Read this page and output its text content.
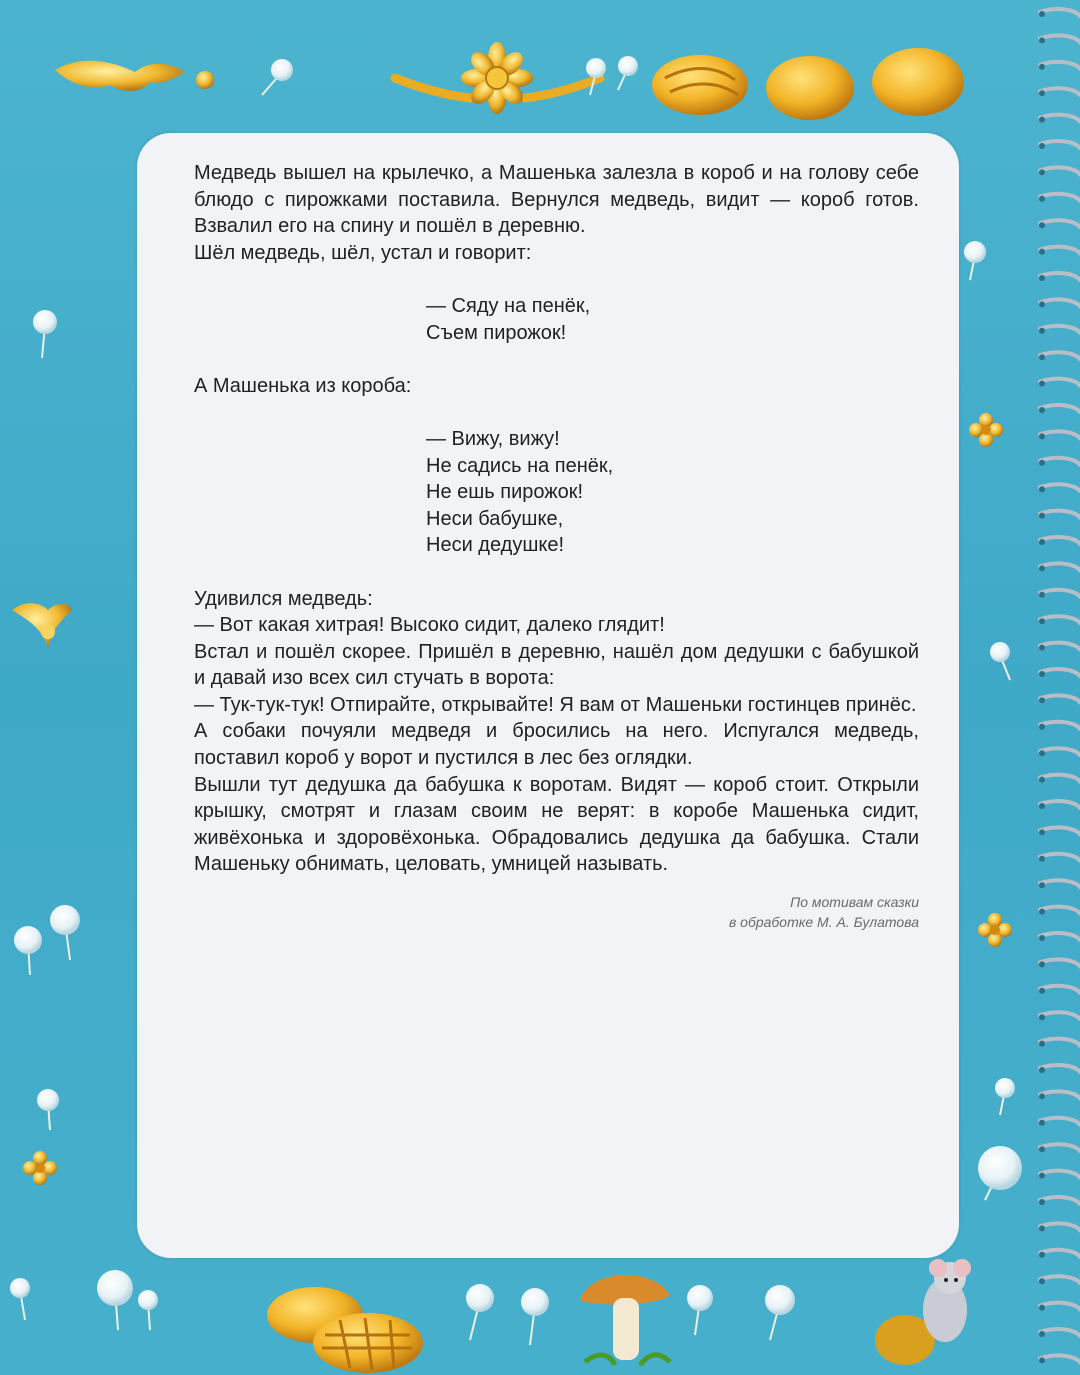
Медведь вышел на крылечко, а Машенька залезла в короб и на голову себе блюдо с пирожками поставила. Вернулся медведь, видит — короб готов. Взвалил его на спину и пошёл в деревню.

Шёл медведь, шёл, устал и говорит:

— Сяду на пенёк,

Съем пирожок!

А Машенька из короба:

— Вижу, вижу!

Не садись на пенёк,

Не ешь пирожок!

Неси бабушке,

Неси дедушке!

Удивился медведь:

— Вот какая хитрая! Высоко сидит, далеко глядит!

Встал и пошёл скорее. Пришёл в деревню, нашёл дом дедушки с бабушкой и давай изо всех сил стучать в ворота:

— Тук-тук-тук! Отпирайте, открывайте! Я вам от Машеньки гостинцев принёс.

А собаки почуяли медведя и бросились на него. Испугался медведь, поставил короб у ворот и пустился в лес без оглядки.

Вышли тут дедушка да бабушка к воротам. Видят — короб стоит. Открыли крышку, смотрят и глазам своим не верят: в коробе Машенька сидит, живёхонька и здоровёхонька. Обрадовались дедушка да бабушка. Стали Машеньку обнимать, целовать, умницей называть.

По мотивам сказки
в обработке М. А. Булатова
